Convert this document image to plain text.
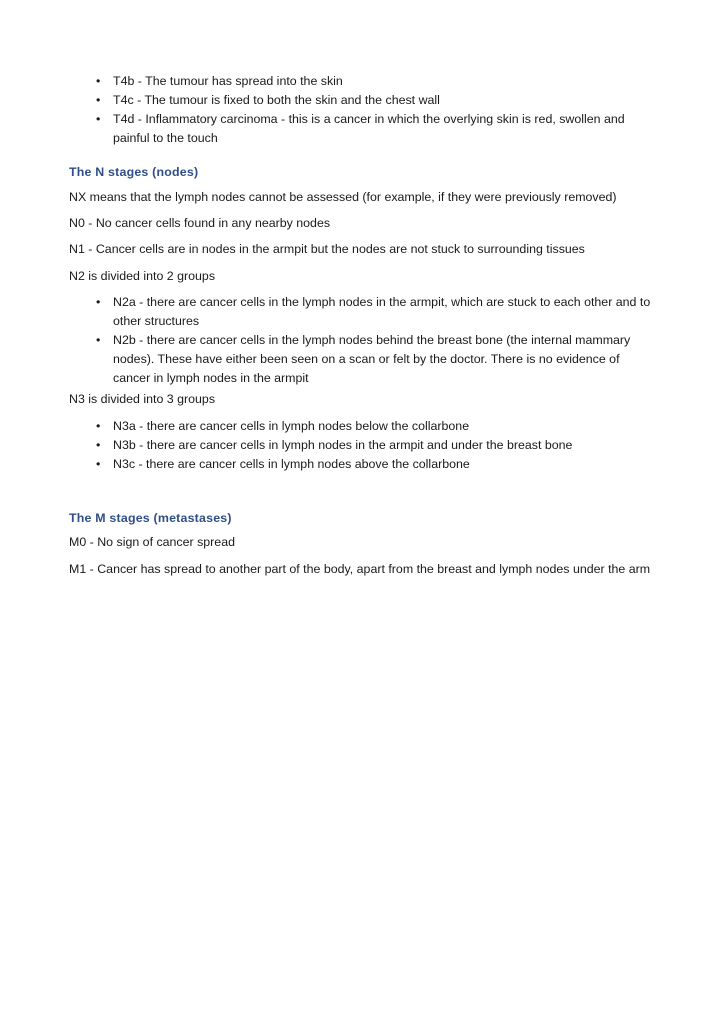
• T4b - The tumour has spread into the skin
• T4c - The tumour is fixed to both the skin and the chest wall
• T4d - Inflammatory carcinoma - this is a cancer in which the overlying skin is red, swollen and painful to the touch
The N stages (nodes)
NX means that the lymph nodes cannot be assessed (for example, if they were previously removed)
N0 - No cancer cells found in any nearby nodes
N1 - Cancer cells are in nodes in the armpit but the nodes are not stuck to surrounding tissues
N2 is divided into 2 groups
• N2a - there are cancer cells in the lymph nodes in the armpit, which are stuck to each other and to other structures
• N2b - there are cancer cells in the lymph nodes behind the breast bone (the internal mammary nodes). These have either been seen on a scan or felt by the doctor. There is no evidence of cancer in lymph nodes in the armpit
N3 is divided into 3 groups
• N3a - there are cancer cells in lymph nodes below the collarbone
• N3b - there are cancer cells in lymph nodes in the armpit and under the breast bone
• N3c - there are cancer cells in lymph nodes above the collarbone
The M stages (metastases)
M0 - No sign of cancer spread
M1 - Cancer has spread to another part of the body, apart from the breast and lymph nodes under the arm
